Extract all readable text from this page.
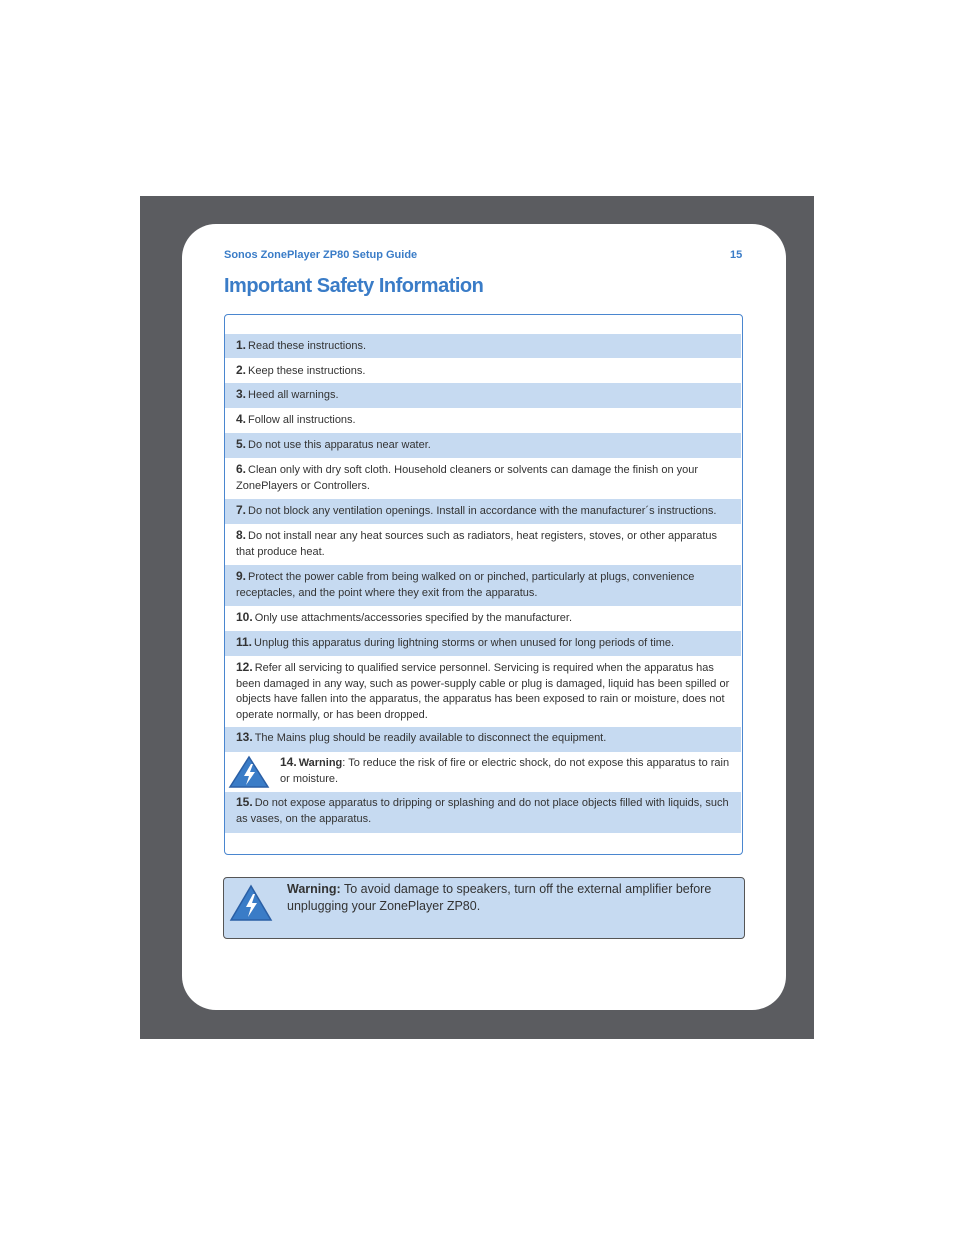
Sonos ZonePlayer ZP80 Setup Guide	15
Important Safety Information
1. Read these instructions.
2. Keep these instructions.
3. Heed all warnings.
4. Follow all instructions.
5. Do not use this apparatus near water.
6. Clean only with dry soft cloth. Household cleaners or solvents can damage the finish on your ZonePlayers or Controllers.
7. Do not block any ventilation openings. Install in accordance with the manufacturer´s instructions.
8. Do not install near any heat sources such as radiators, heat registers, stoves, or other apparatus that produce heat.
9. Protect the power cable from being walked on or pinched, particularly at plugs, convenience receptacles, and the point where they exit from the apparatus.
10. Only use attachments/accessories specified by the manufacturer.
11. Unplug this apparatus during lightning storms or when unused for long periods of time.
12. Refer all servicing to qualified service personnel. Servicing is required when the apparatus has been damaged in any way, such as power-supply cable or plug is damaged, liquid has been spilled or objects have fallen into the apparatus, the apparatus has been exposed to rain or moisture, does not operate normally, or has been dropped.
13. The Mains plug should be readily available to disconnect the equipment.
14. Warning: To reduce the risk of fire or electric shock, do not expose this apparatus to rain or moisture.
15. Do not expose apparatus to dripping or splashing and do not place objects filled with liquids, such as vases, on the apparatus.
Warning: To avoid damage to speakers, turn off the external amplifier before unplugging your ZonePlayer ZP80.
